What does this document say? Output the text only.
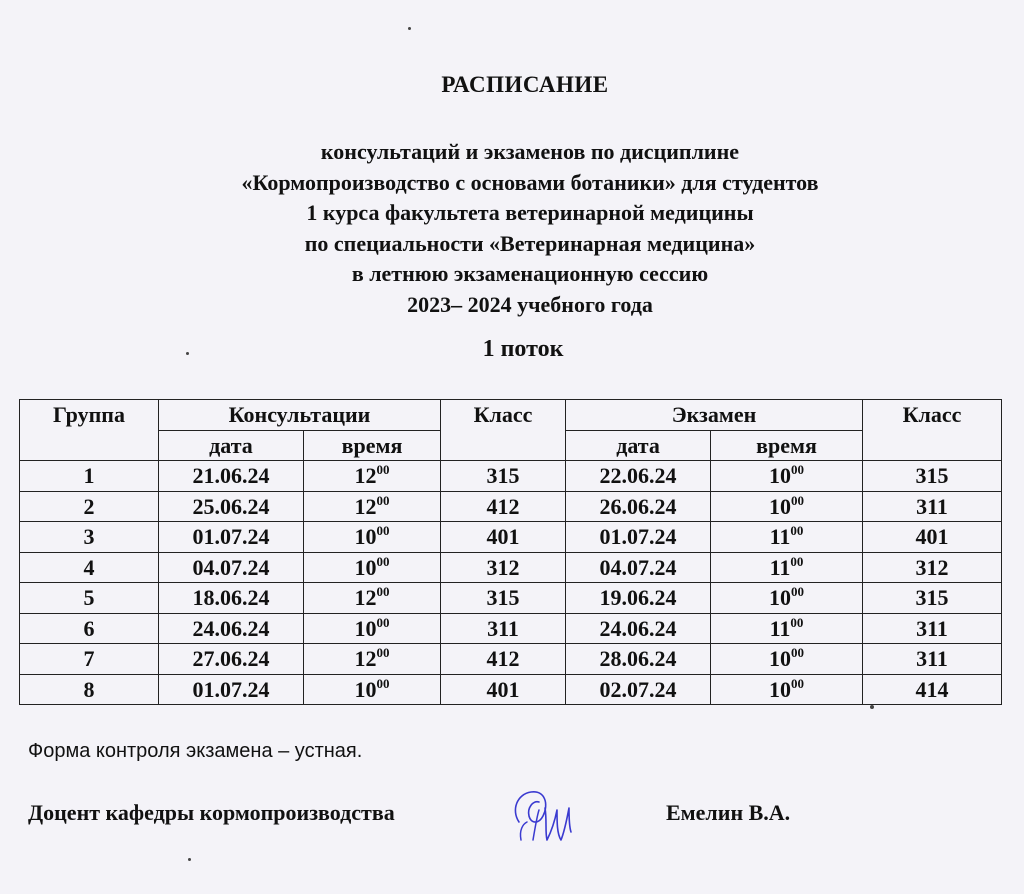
РАСПИСАНИЕ
консультаций и экзаменов по дисциплине
«Кормопроизводство с основами ботаники» для студентов
1 курса факультета ветеринарной медицины
по специальности «Ветеринарная медицина»
в летнюю экзаменационную сессию
2023– 2024 учебного года
1 поток
Группа	Консультации		Класс	Экзамен		Класс
	дата	время		дата	время	
1	21.06.24	$12^{00}$	315	22.06.24	$10^{00}$	315
2	25.06.24	$12^{00}$	412	26.06.24	$10^{00}$	311
3	01.07.24	$10^{00}$	401	01.07.24	$11^{00}$	401
4	04.07.24	$10^{00}$	312	04.07.24	$11^{00}$	312
5	18.06.24	$12^{00}$	315	19.06.24	$10^{00}$	315
6	24.06.24	$10^{00}$	311	24.06.24	$11^{00}$	311
7	27.06.24	$12^{00}$	412	28.06.24	$10^{00}$	311
8	01.07.24	$10^{00}$	401	02.07.24	$10^{00}$	414
Форма контроля экзамена – устная.
Доцент кафедры кормопроизводства	Емелин В.А.
